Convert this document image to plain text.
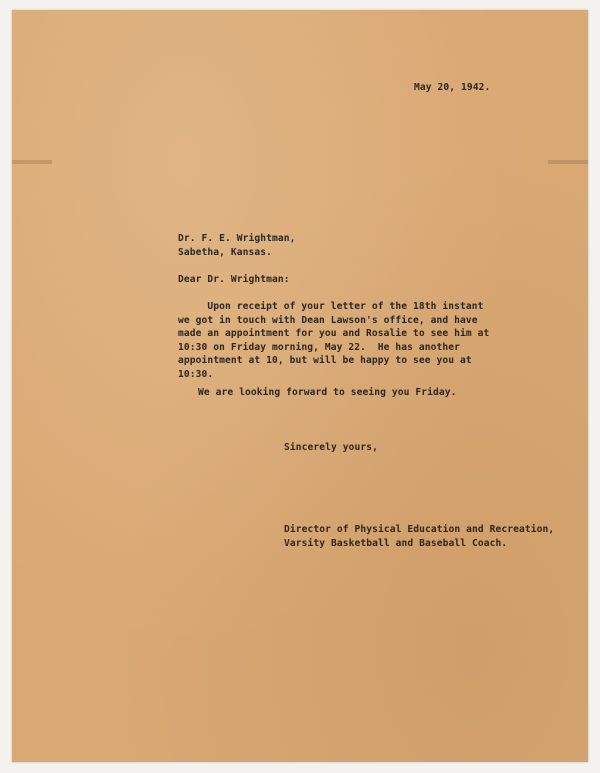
May 20, 1942.
Dr. F. E. Wrightman,
Sabetha, Kansas.
Dear Dr. Wrightman:
Upon receipt of your letter of the 18th instant
we got in touch with Dean Lawson's office, and have
made an appointment for you and Rosalie to see him at
10:30 on Friday morning, May 22.  He has another
appointment at 10, but will be happy to see you at
10:30.
We are looking forward to seeing you Friday.
Sincerely yours,
Director of Physical Education and Recreation,
Varsity Basketball and Baseball Coach.
